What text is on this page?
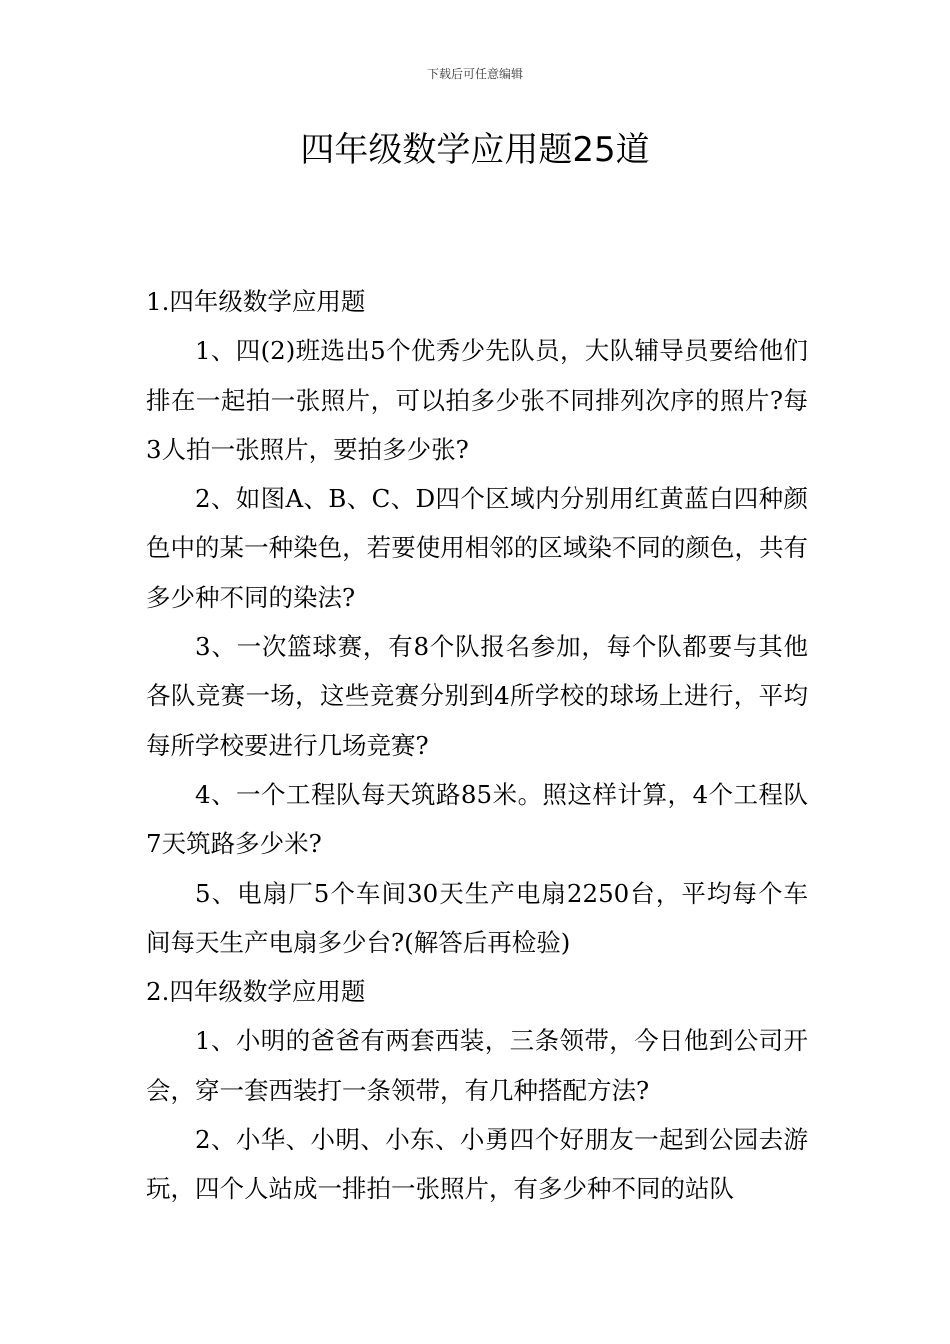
下载后可任意编辑
四年级数学应用题25道

1.四年级数学应用题

1、四(2)班选出5个优秀少先队员，大队辅导员要给他们排在一起拍一张照片，可以拍多少张不同排列次序的照片?每3人拍一张照片，要拍多少张?

2、如图A、B、C、D四个区域内分别用红黄蓝白四种颜色中的某一种染色，若要使用相邻的区域染不同的颜色，共有多少种不同的染法?

3、一次篮球赛，有8个队报名参加，每个队都要与其他各队竞赛一场，这些竞赛分别到4所学校的球场上进行，平均每所学校要进行几场竞赛?

4、一个工程队每天筑路85米。照这样计算，4个工程队7天筑路多少米?

5、电扇厂5个车间30天生产电扇2250台，平均每个车间每天生产电扇多少台?(解答后再检验)

2.四年级数学应用题

1、小明的爸爸有两套西装，三条领带，今日他到公司开会，穿一套西装打一条领带，有几种搭配方法?

2、小华、小明、小东、小勇四个好朋友一起到公园去游玩，四个人站成一排拍一张照片，有多少种不同的站队
